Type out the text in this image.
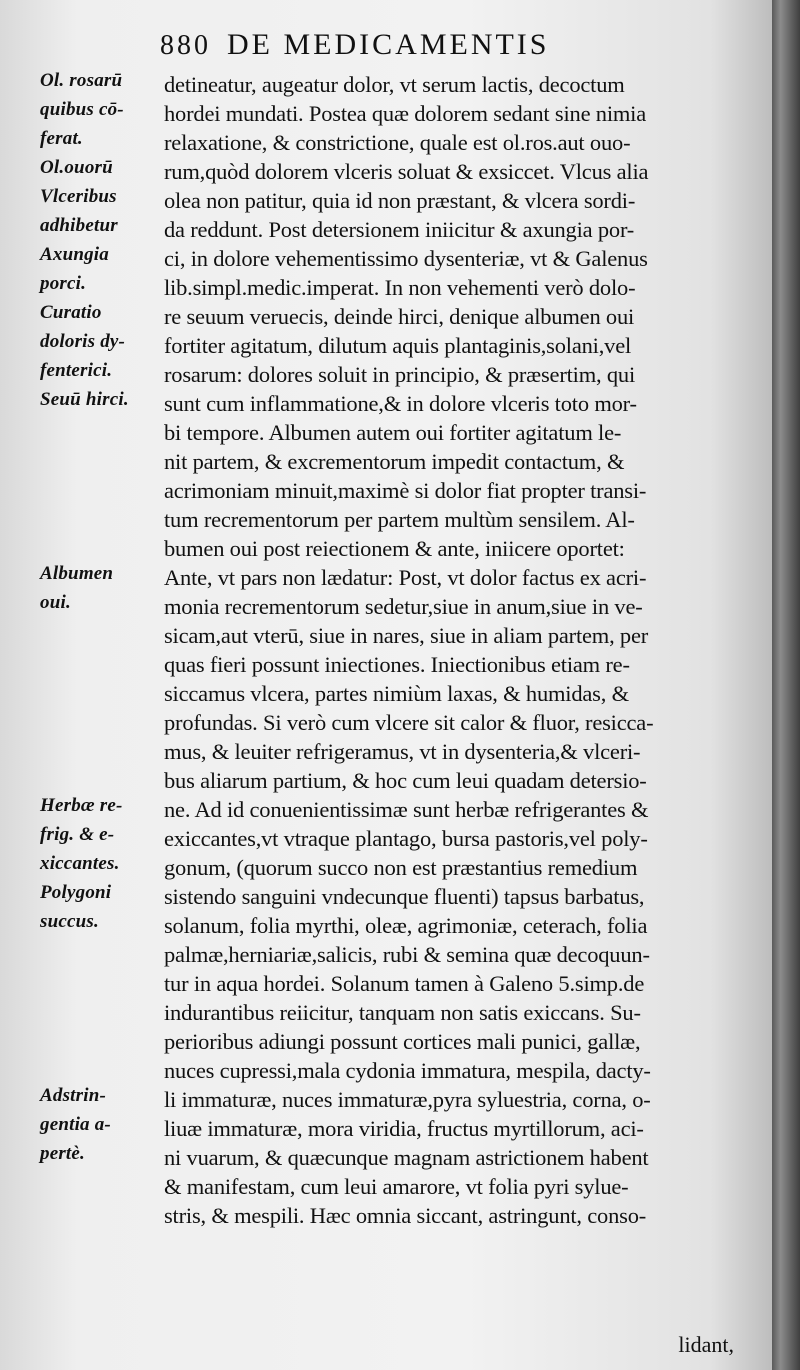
880 DE MEDICAMENTIS
Ol. rosarū
quibus cō-
ferat.
Ol.ouorū
Vlceribus
adhibetur
Axungia
porci.
Curatio
doloris dy-
fenterici.
Seuū hirci.
Albumen
oui.
Herbæ re-
frig. & e-
xiccantes.
Polygoni
succus.
Adstrin-
gentia a-
pertè.
detineatur, augeatur dolor, vt serum lactis, decoctum
hordei mundati. Postea quæ dolorem sedant sine nimia
relaxatione, & constrictione, quale est ol.ros.aut ouo-
rum,quòd dolorem vlceris soluat & exsiccet. Vlcus alia
olea non patitur, quia id non præstant, & vlcera sordi-
da reddunt. Post detersionem iniicitur & axungia por-
ci, in dolore vehementissimo dysenteriæ, vt & Galenus
lib.simpl.medic.imperat. In non vehementi verò dolo-
re seuum veruecis, deinde hirci, denique albumen oui
fortiter agitatum, dilutum aquis plantaginis,solani,vel
rosarum: dolores soluit in principio, & præsertim, qui
sunt cum inflammatione,& in dolore vlceris toto mor-
bi tempore. Albumen autem oui fortiter agitatum le-
nit partem, & excrementorum impedit contactum, &
acrimoniam minuit,maximè si dolor fiat propter transi-
tum recrementorum per partem multùm sensilem. Al-
bumen oui post reiectionem & ante, iniicere oportet:
Ante, vt pars non lædatur: Post, vt dolor factus ex acri-
monia recrementorum sedetur,siue in anum,siue in ve-
sicam,aut vterū, siue in nares, siue in aliam partem, per
quas fieri possunt iniectiones. Iniectionibus etiam re-
siccamus vlcera, partes nimiùm laxas, & humidas, &
profundas. Si verò cum vlcere sit calor & fluor, resicca-
mus, & leuiter refrigeramus, vt in dysenteria,& vlceri-
bus aliarum partium, & hoc cum leui quadam detersio-
ne. Ad id conuenientissimæ sunt herbæ refrigerantes &
exiccantes,vt vtraque plantago, bursa pastoris,vel poly-
gonum, (quorum succo non est præstantius remedium
sistendo sanguini vndecunque fluenti) tapsus barbatus,
solanum, folia myrthi, oleæ, agrimoniæ, ceterach, folia
palmæ,herniariæ,salicis, rubi & semina quæ decoquun-
tur in aqua hordei. Solanum tamen à Galeno 5.simp.de
indurantibus reiicitur, tanquam non satis exiccans. Su-
perioribus adiungi possunt cortices mali punici, gallæ,
nuces cupressi,mala cydonia immatura, mespila, dacty-
li immaturæ, nuces immaturæ,pyra syluestria, corna, o-
liuæ immaturæ, mora viridia, fructus myrtillorum, aci-
ni vuarum, & quæcunque magnam astrictionem habent
& manifestam, cum leui amarore, vt folia pyri sylue-
stris, & mespili. Hæc omnia siccant, astringunt, conso-
lidant,
